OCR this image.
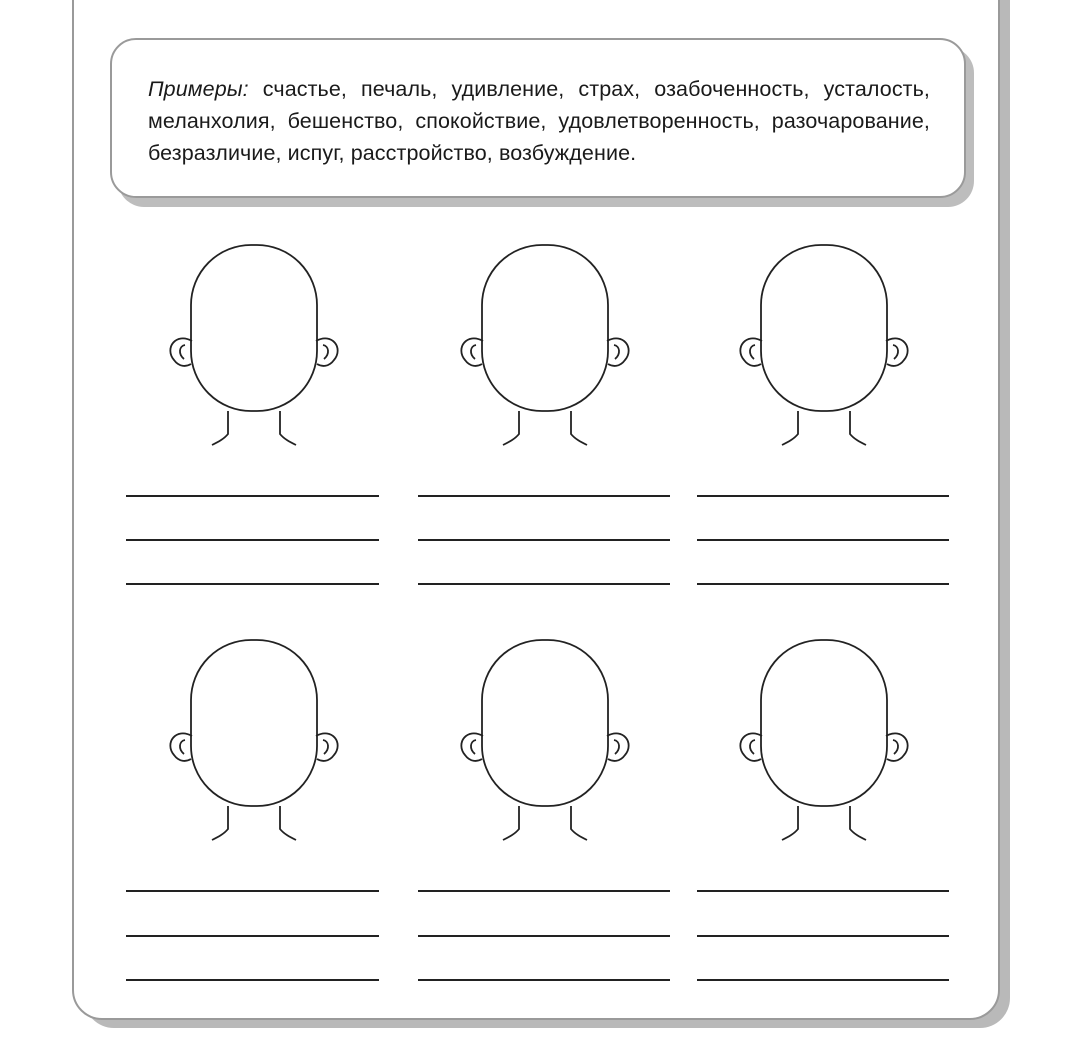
Примеры: счастье, печаль, удивление, страх, озабоченность, усталость, меланхолия, бешенство, спокойствие, удовлетворенность, разочарование, безразличие, испуг, расстройство, возбуждение.
